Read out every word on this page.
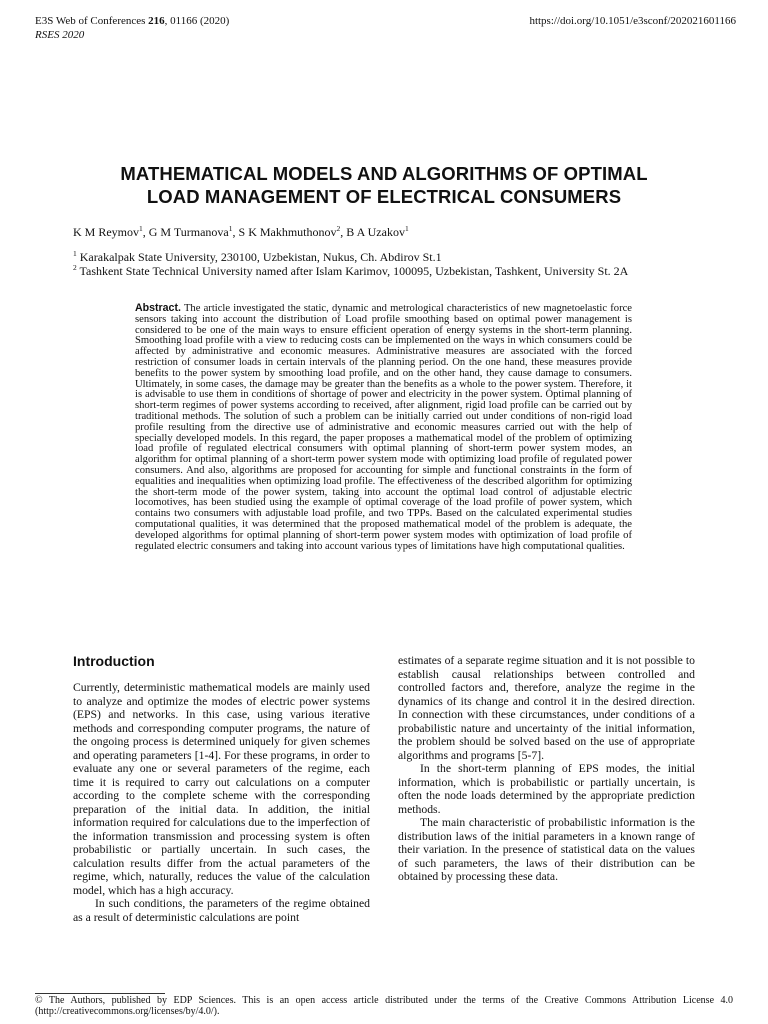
E3S Web of Conferences 216, 01166 (2020)
RSES 2020
https://doi.org/10.1051/e3sconf/202021601166
MATHEMATICAL MODELS AND ALGORITHMS OF OPTIMAL
LOAD MANAGEMENT OF ELECTRICAL CONSUMERS
K M Reymov$^1$, G M Turmanova$^1$, S K Makhmuthonov$^2$, B A Uzakov$^1$
$^1$ Karakalpak State University, 230100, Uzbekistan, Nukus, Ch. Abdirov St.1
$^2$ Tashkent State Technical University named after Islam Karimov, 100095, Uzbekistan, Tashkent, University St. 2A
Abstract. The article investigated the static, dynamic and metrological characteristics of new magnetoelastic force sensors taking into account the distribution of Load profile smoothing based on optimal power management is considered to be one of the main ways to ensure efficient operation of energy systems in the short-term planning. Smoothing load profile with a view to reducing costs can be implemented on the ways in which consumers could be affected by administrative and economic measures. Administrative measures are associated with the forced restriction of consumer loads in certain intervals of the planning period. On the one hand, these measures provide benefits to the power system by smoothing load profile, and on the other hand, they cause damage to consumers. Ultimately, in some cases, the damage may be greater than the benefits as a whole to the power system. Therefore, it is advisable to use them in conditions of shortage of power and electricity in the power system. Optimal planning of short-term regimes of power systems according to received, after alignment, rigid load profile can be carried out by traditional methods. The solution of such a problem can be initially carried out under conditions of non-rigid load profile resulting from the directive use of administrative and economic measures carried out with the help of specially developed models. In this regard, the paper proposes a mathematical model of the problem of optimizing load profile of regulated electrical consumers with optimal planning of short-term power system modes, an algorithm for optimal planning of a short-term power system mode with optimizing load profile of regulated power consumers. And also, algorithms are proposed for accounting for simple and functional constraints in the form of equalities and inequalities when optimizing load profile. The effectiveness of the described algorithm for optimizing the short-term mode of the power system, taking into account the optimal load control of adjustable electric locomotives, has been studied using the example of optimal coverage of the load profile of power system, which contains two consumers with adjustable load profile, and two TPPs. Based on the calculated experimental studies computational qualities, it was determined that the proposed mathematical model of the problem is adequate, the developed algorithms for optimal planning of short-term power system modes with optimization of load profile of regulated electric consumers and taking into account various types of limitations have high computational qualities.
Introduction

Currently, deterministic mathematical models are mainly used to analyze and optimize the modes of electric power systems (EPS) and networks. In this case, using various iterative methods and corresponding computer programs, the nature of the ongoing process is determined uniquely for given schemes and operating parameters [1-4]. For these programs, in order to evaluate any one or several parameters of the regime, each time it is required to carry out calculations on a computer according to the complete scheme with the corresponding preparation of the initial data. In addition, the initial information required for calculations due to the imperfection of the information transmission and processing system is often probabilistic or partially uncertain. In such cases, the calculation results differ from the actual parameters of the regime, which, naturally, reduces the value of the calculation model, which has a high accuracy.

In such conditions, the parameters of the regime obtained as a result of deterministic calculations are point

estimates of a separate regime situation and it is not possible to establish causal relationships between controlled and controlled factors and, therefore, analyze the regime in the dynamics of its change and control it in the desired direction. In connection with these circumstances, under conditions of a probabilistic nature and uncertainty of the initial information, the problem should be solved based on the use of appropriate algorithms and programs [5-7].

In the short-term planning of EPS modes, the initial information, which is probabilistic or partially uncertain, is often the node loads determined by the appropriate prediction methods.

The main characteristic of probabilistic information is the distribution laws of the initial parameters in a known range of their variation. In the presence of statistical data on the values of such parameters, the laws of their distribution can be obtained by processing these data.

© The Authors, published by EDP Sciences. This is an open access article distributed under the terms of the Creative Commons Attribution License 4.0 (http://creativecommons.org/licenses/by/4.0/).
